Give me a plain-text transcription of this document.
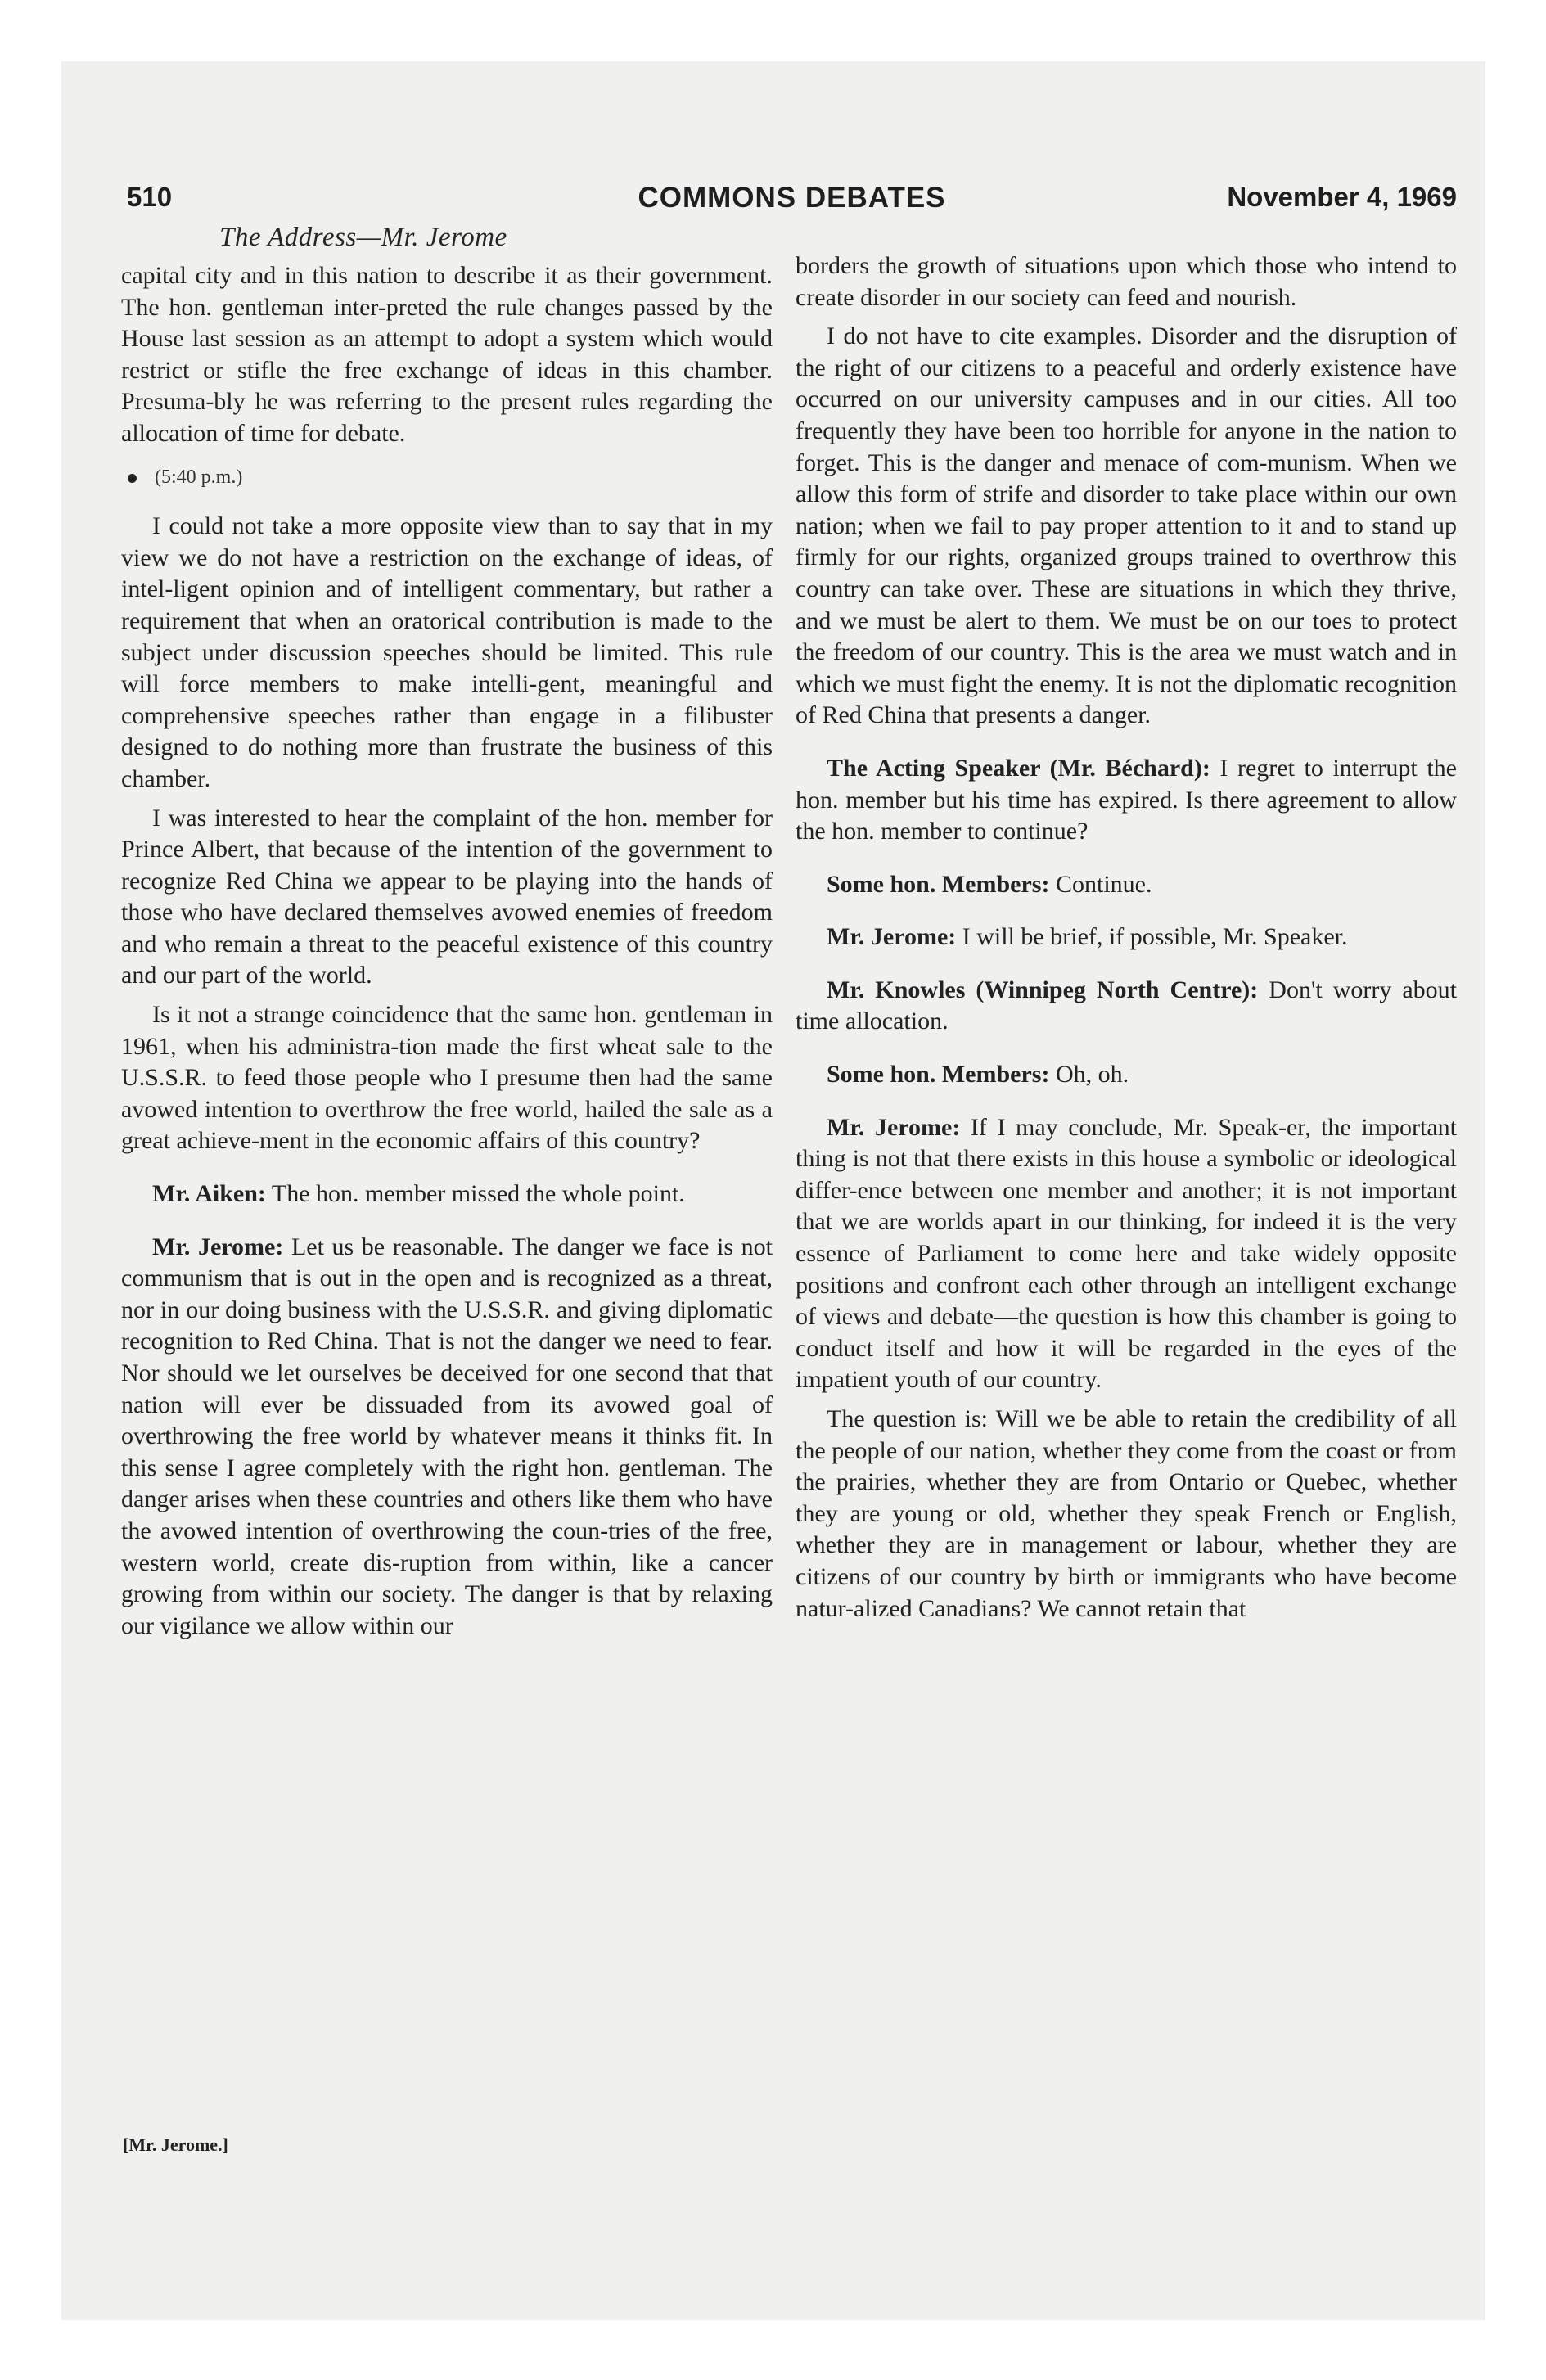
510	COMMONS DEBATES	November 4, 1969
The Address—Mr. Jerome

capital city and in this nation to describe it as their government. The hon. gentleman inter-preted the rule changes passed by the House last session as an attempt to adopt a system which would restrict or stifle the free exchange of ideas in this chamber. Presuma-bly he was referring to the present rules regarding the allocation of time for debate.

(5:40 p.m.)

I could not take a more opposite view than to say that in my view we do not have a restriction on the exchange of ideas, of intel-ligent opinion and of intelligent commentary, but rather a requirement that when an oratorical contribution is made to the subject under discussion speeches should be limited. This rule will force members to make intelli-gent, meaningful and comprehensive speeches rather than engage in a filibuster designed to do nothing more than frustrate the business of this chamber.

I was interested to hear the complaint of the hon. member for Prince Albert, that because of the intention of the government to recognize Red China we appear to be playing into the hands of those who have declared themselves avowed enemies of freedom and who remain a threat to the peaceful existence of this country and our part of the world.

Is it not a strange coincidence that the same hon. gentleman in 1961, when his administra-tion made the first wheat sale to the U.S.S.R. to feed those people who I presume then had the same avowed intention to overthrow the free world, hailed the sale as a great achieve-ment in the economic affairs of this country?

Mr. Aiken: The hon. member missed the whole point.

Mr. Jerome: Let us be reasonable. The danger we face is not communism that is out in the open and is recognized as a threat, nor in our doing business with the U.S.S.R. and giving diplomatic recognition to Red China. That is not the danger we need to fear. Nor should we let ourselves be deceived for one second that that nation will ever be dissuaded from its avowed goal of overthrowing the free world by whatever means it thinks fit. In this sense I agree completely with the right hon. gentleman. The danger arises when these countries and others like them who have the avowed intention of overthrowing the coun-tries of the free, western world, create dis-ruption from within, like a cancer growing from within our society. The danger is that by relaxing our vigilance we allow within our

borders the growth of situations upon which those who intend to create disorder in our society can feed and nourish.

I do not have to cite examples. Disorder and the disruption of the right of our citizens to a peaceful and orderly existence have occurred on our university campuses and in our cities. All too frequently they have been too horrible for anyone in the nation to forget. This is the danger and menace of com-munism. When we allow this form of strife and disorder to take place within our own nation; when we fail to pay proper attention to it and to stand up firmly for our rights, organized groups trained to overthrow this country can take over. These are situations in which they thrive, and we must be alert to them. We must be on our toes to protect the freedom of our country. This is the area we must watch and in which we must fight the enemy. It is not the diplomatic recognition of Red China that presents a danger.

The Acting Speaker (Mr. Béchard): I regret to interrupt the hon. member but his time has expired. Is there agreement to allow the hon. member to continue?

Some hon. Members: Continue.

Mr. Jerome: I will be brief, if possible, Mr. Speaker.

Mr. Knowles (Winnipeg North Centre): Don't worry about time allocation.

Some hon. Members: Oh, oh.

Mr. Jerome: If I may conclude, Mr. Speak-er, the important thing is not that there exists in this house a symbolic or ideological differ-ence between one member and another; it is not important that we are worlds apart in our thinking, for indeed it is the very essence of Parliament to come here and take widely opposite positions and confront each other through an intelligent exchange of views and debate—the question is how this chamber is going to conduct itself and how it will be regarded in the eyes of the impatient youth of our country.

The question is: Will we be able to retain the credibility of all the people of our nation, whether they come from the coast or from the prairies, whether they are from Ontario or Quebec, whether they are young or old, whether they speak French or English, whether they are in management or labour, whether they are citizens of our country by birth or immigrants who have become natur-alized Canadians? We cannot retain that

[Mr. Jerome.]
